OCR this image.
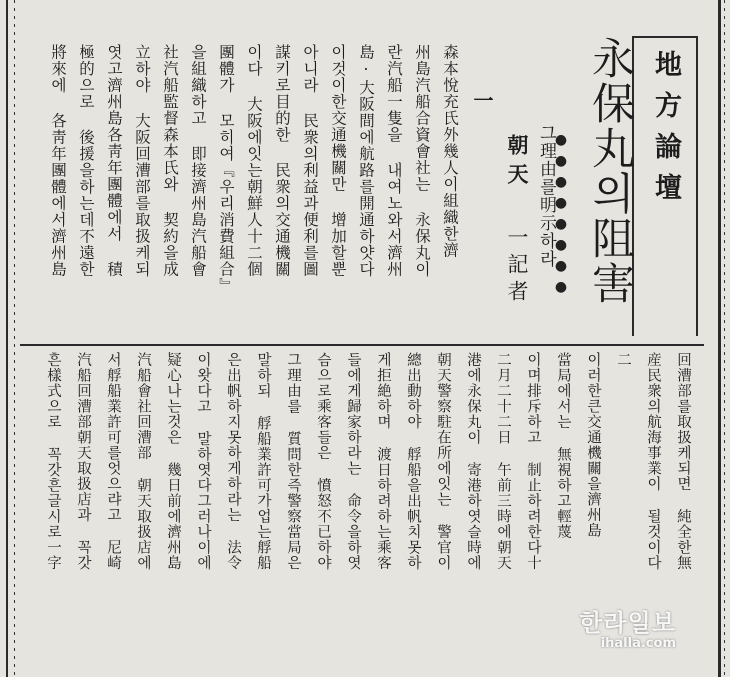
地方論壇
永保丸의阻害
●●●●●●●●
그理由를明示하라
朝天
一記者
一
森本悅充氏外幾人이組織한濟
州島汽船合資會社는 永保丸이
란汽船一隻을 내여노와서濟州
島·大阪間에航路를開通하얏다
이것이한交通機關만 增加할뿐
아니라 民衆의利益과便利를圖
謀키로目的한 民衆의交通機關
이다 大阪에잇는朝鮮人十二個
團體가 모히여『우리消費組合』
을組織하고 即接濟州島汽船會
社汽船監督森本氏와 契約을成
立하야 大阪回漕部를取扱케되
엿고濟州島各靑年團體에서 積
極的으로 後援을하는데不遠한
將來에 各靑年團體에서濟州島
回漕部를取扱케되면 純全한無
産民衆의航海事業이 될것이다
二
이러한큰交通機關을濟州島
當局에서는 無視하고輕蔑
이며排斥하고 制止하려한다十
二月二十二日 午前三時에朝天
港에永保丸이 寄港하엿슬時에
朝天警察駐在所에잇는 警官이
總出動하야 艀船을出帆치못하
게拒絶하며 渡日하려하는乘客
들에게歸家하라는 命令을하엿
슴으로乘客들은 憤怒不已하야
그理由를 質問한즉警察當局은
말하되 艀船業許可가업는艀船
은出帆하지못하게하라는 法令
이왓다고 말하엿다그러나이에
疑心나는것은 幾日前에濟州島
汽船會社回漕部 朝天取扱店에
서艀船業許可를엇으랴고 尼崎
汽船回漕部朝天取扱店과 꼭갓
흔樣式으로 꼭갓흔글시로一字
한라일보
ihalla.com
